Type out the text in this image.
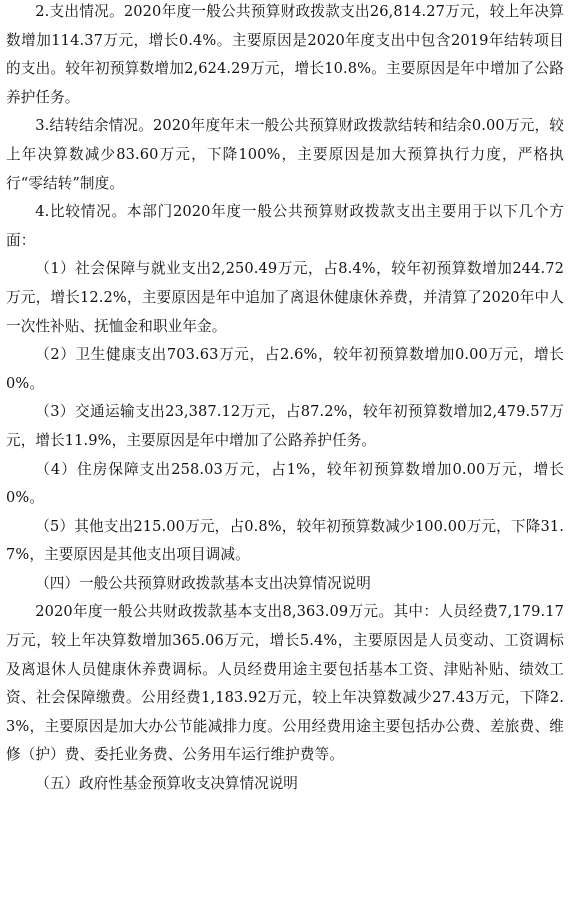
2.支出情况。2020年度一般公共预算财政拨款支出26,814.27万元，较上年决算数增加114.37万元，增长0.4%。主要原因是2020年度支出中包含2019年结转项目的支出。较年初预算数增加2,624.29万元，增长10.8%。主要原因是年中增加了公路养护任务。

3.结转结余情况。2020年度年末一般公共预算财政拨款结转和结余0.00万元，较上年决算数减少83.60万元，下降100%，主要原因是加大预算执行力度，严格执行“零结转”制度。

4.比较情况。本部门2020年度一般公共预算财政拨款支出主要用于以下几个方面：

（1）社会保障与就业支出2,250.49万元，占8.4%，较年初预算数增加244.72万元，增长12.2%，主要原因是年中追加了离退休健康休养费，并清算了2020年中人一次性补贴、抚恤金和职业年金。

（2）卫生健康支出703.63万元，占2.6%，较年初预算数增加0.00万元，增长0%。

（3）交通运输支出23,387.12万元，占87.2%，较年初预算数增加2,479.57万元，增长11.9%，主要原因是年中增加了公路养护任务。

（4）住房保障支出258.03万元，占1%，较年初预算数增加0.00万元，增长0%。

（5）其他支出215.00万元，占0.8%，较年初预算数减少100.00万元，下降31.7%，主要原因是其他支出项目调减。

（四）一般公共预算财政拨款基本支出决算情况说明

2020年度一般公共财政拨款基本支出8,363.09万元。其中：人员经费7,179.17万元，较上年决算数增加365.06万元，增长5.4%，主要原因是人员变动、工资调标及离退休人员健康休养费调标。人员经费用途主要包括基本工资、津贴补贴、绩效工资、社会保障缴费。公用经费1,183.92万元，较上年决算数减少27.43万元，下降2.3%，主要原因是加大办公节能减排力度。公用经费用途主要包括办公费、差旅费、维修（护）费、委托业务费、公务用车运行维护费等。

（五）政府性基金预算收支决算情况说明
